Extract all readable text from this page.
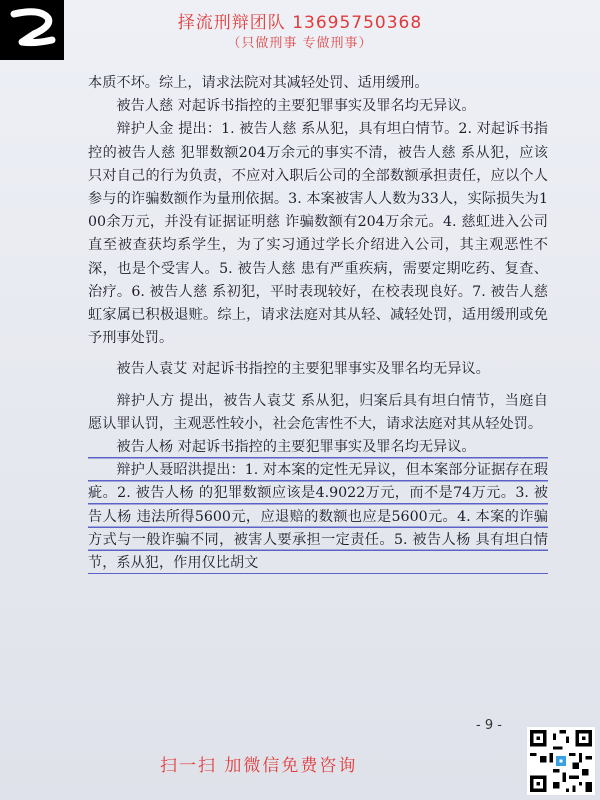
择流刑辩团队 13695750368
（只做刑事 专做刑事）

本质不坏。综上，请求法院对其减轻处罚、适用缓刑。

被告人慈 对起诉书指控的主要犯罪事实及罪名均无异议。

辩护人金 提出：1. 被告人慈 系从犯，具有坦白情节。2. 对起诉书指控的被告人慈 犯罪数额204万余元的事实不清，被告人慈 系从犯，应该只对自己的行为负责，不应对入职后公司的全部数额承担责任，应以个人参与的诈骗数额作为量刑依据。3. 本案被害人人数为33人，实际损失为100余万元，并没有证据证明慈 诈骗数额有204万余元。4. 慈虹进入公司直至被查获均系学生，为了实习通过学长介绍进入公司，其主观恶性不深，也是个受害人。5. 被告人慈 患有严重疾病，需要定期吃药、复查、治疗。6. 被告人慈 系初犯，平时表现较好，在校表现良好。7. 被告人慈虹家属已积极退赃。综上，请求法庭对其从轻、减轻处罚，适用缓刑或免予刑事处罚。

被告人袁艾 对起诉书指控的主要犯罪事实及罪名均无异议。

辩护人方 提出，被告人袁艾 系从犯，归案后具有坦白情节，当庭自愿认罪认罚，主观恶性较小，社会危害性不大，请求法庭对其从轻处罚。

被告人杨 对起诉书指控的主要犯罪事实及罪名均无异议。

辩护人聂昭洪提出：1. 对本案的定性无异议，但本案部分证据存在瑕疵。2. 被告人杨 的犯罪数额应该是4.9022万元，而不是74万元。3. 被告人杨 违法所得5600元，应退赔的数额也应是5600元。4. 本案的诈骗方式与一般诈骗不同，被害人要承担一定责任。5. 被告人杨 具有坦白情节，系从犯，作用仅比胡文

- 9 -
扫一扫 加微信免费咨询
